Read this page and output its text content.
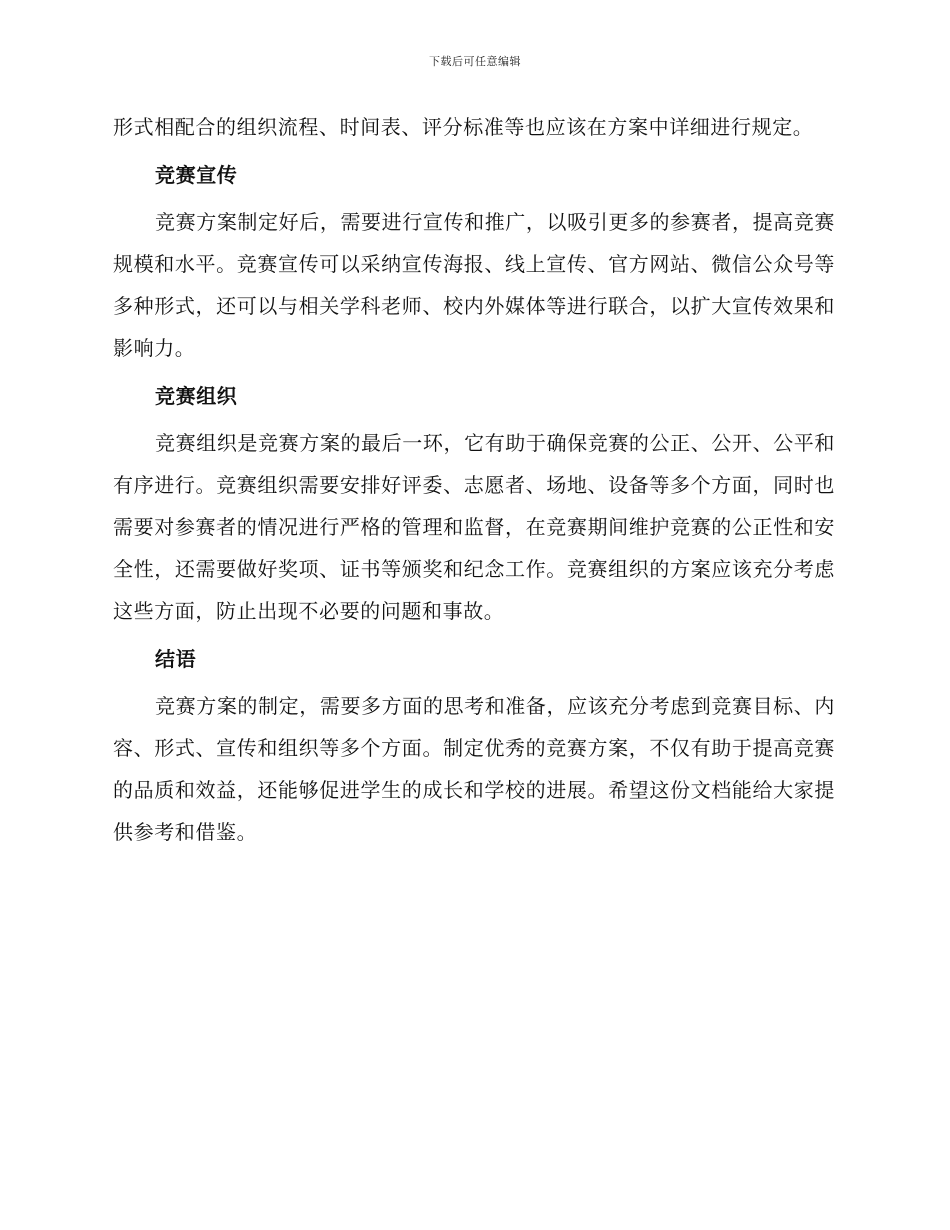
下载后可任意编辑

形式相配合的组织流程、时间表、评分标准等也应该在方案中详细进行规定。

竞赛宣传

竞赛方案制定好后，需要进行宣传和推广，以吸引更多的参赛者，提高竞赛规模和水平。竞赛宣传可以采纳宣传海报、线上宣传、官方网站、微信公众号等多种形式，还可以与相关学科老师、校内外媒体等进行联合，以扩大宣传效果和影响力。

竞赛组织

竞赛组织是竞赛方案的最后一环，它有助于确保竞赛的公正、公开、公平和有序进行。竞赛组织需要安排好评委、志愿者、场地、设备等多个方面，同时也需要对参赛者的情况进行严格的管理和监督，在竞赛期间维护竞赛的公正性和安全性，还需要做好奖项、证书等颁奖和纪念工作。竞赛组织的方案应该充分考虑这些方面，防止出现不必要的问题和事故。

结语

竞赛方案的制定，需要多方面的思考和准备，应该充分考虑到竞赛目标、内容、形式、宣传和组织等多个方面。制定优秀的竞赛方案，不仅有助于提高竞赛的品质和效益，还能够促进学生的成长和学校的进展。希望这份文档能给大家提供参考和借鉴。
